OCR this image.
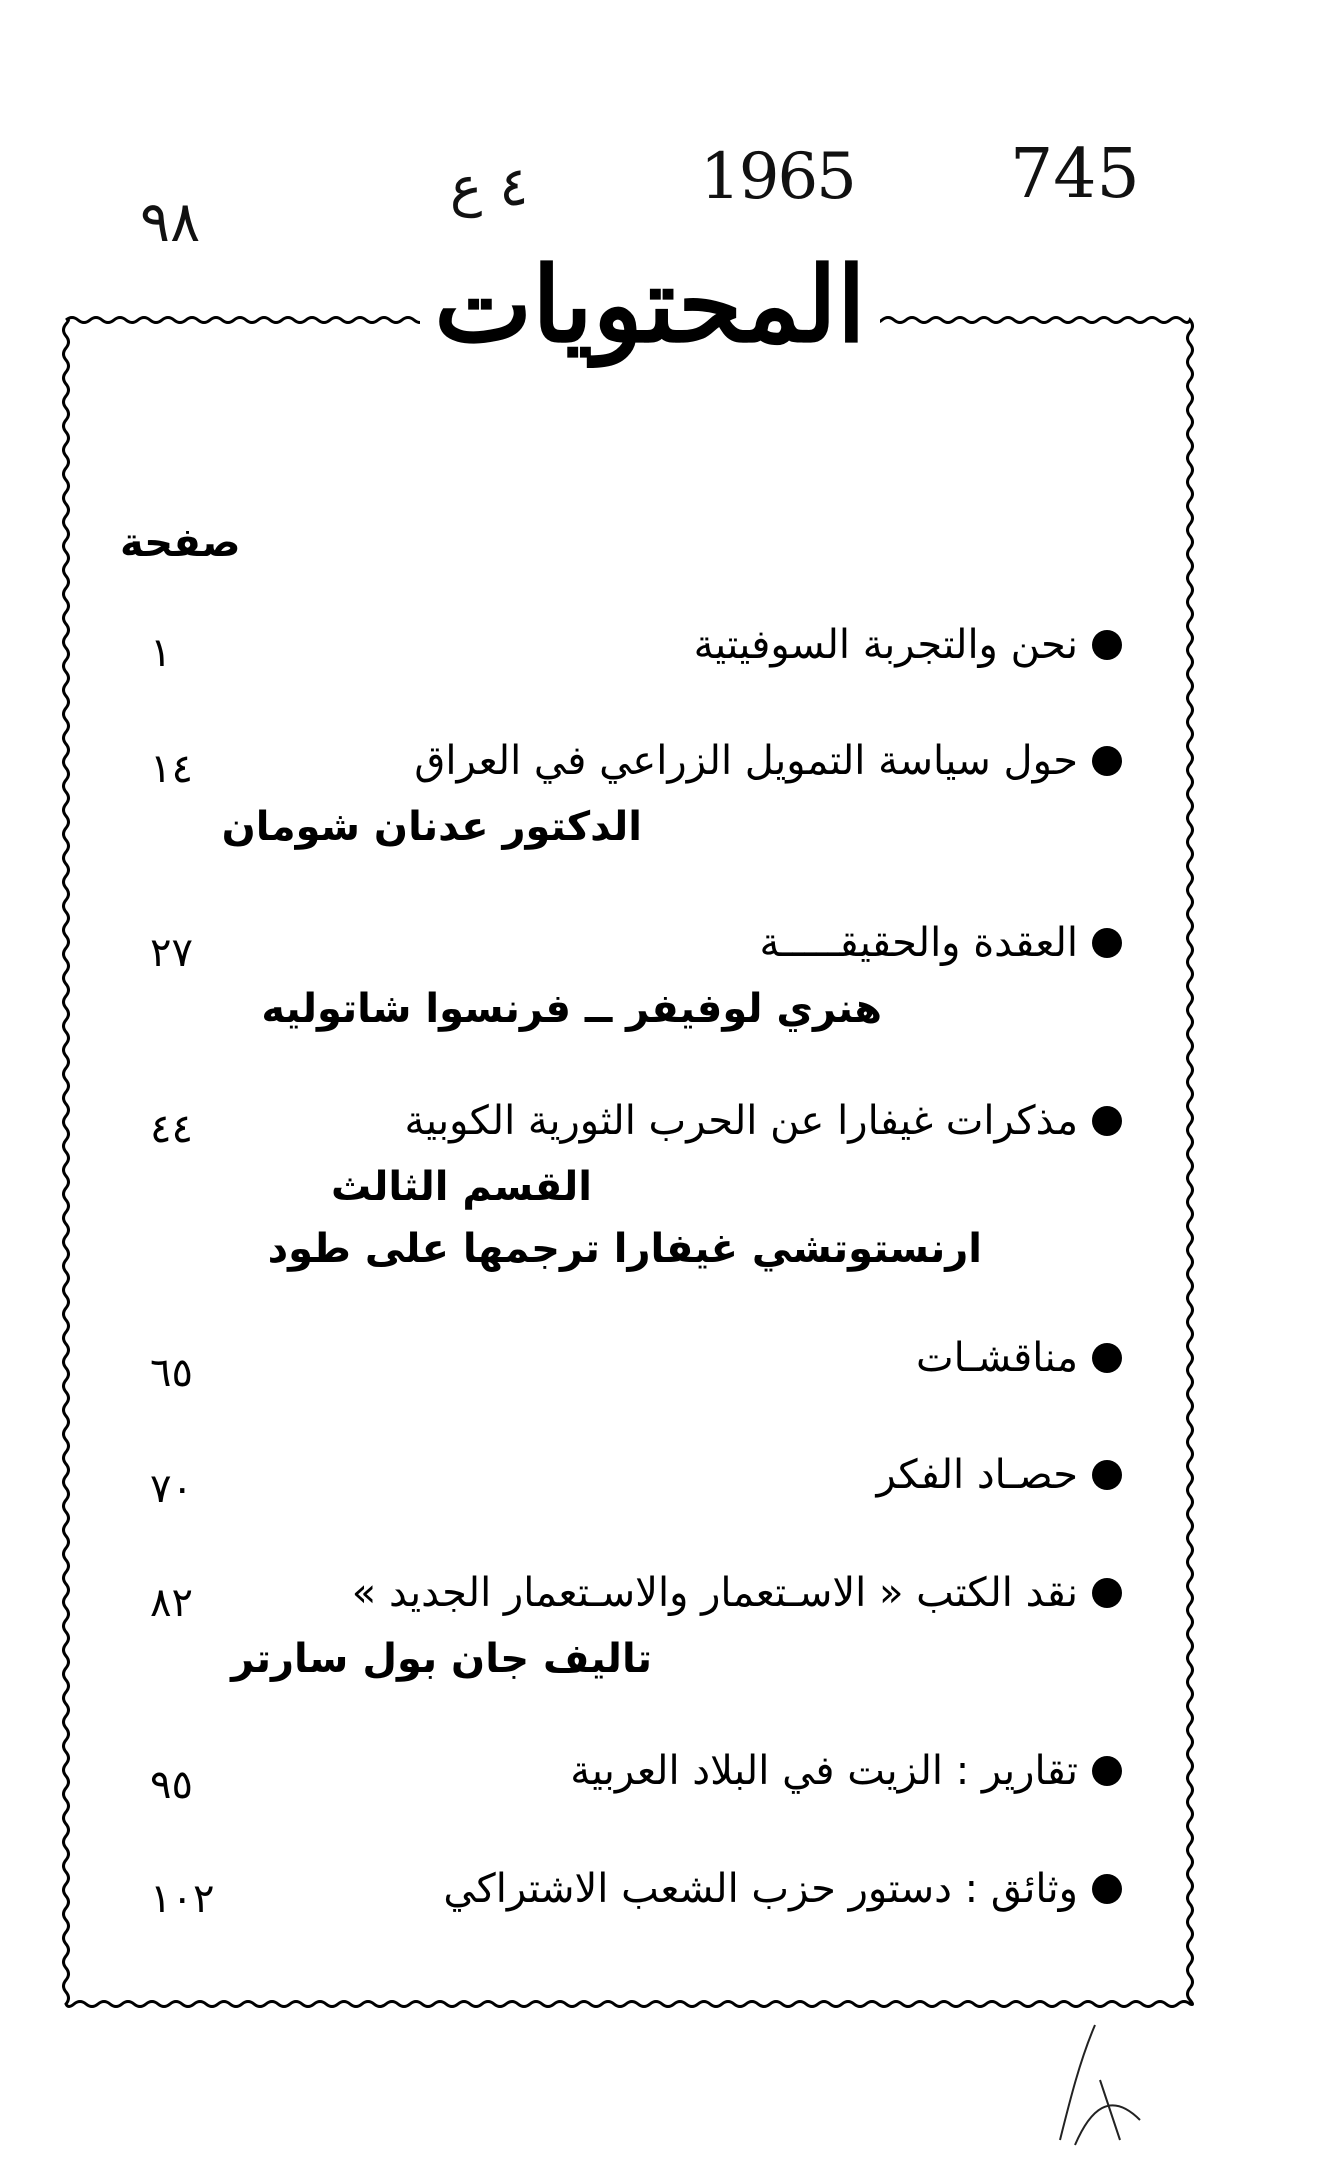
٩٨
٤ ع	1965 745
المحتويات
صفحة
نحن والتجربة السوفيتية
١
حول سياسة التمويل الزراعي في العراق
الدكتور عدنان شومان
١٤
العقدة والحقيقـــــة
هنري لوفيفر ــ فرنسوا شاتوليه
٢٧
مذكرات غيفارا عن الحرب الثورية الكوبية
القسم الثالث
ارنستوتشي غيفارا ترجمها على طود
٤٤
مناقشـات
٦٥
حصـاد الفكر
٧٠
نقد الكتب « الاسـتعمار والاسـتعمار الجديد »
تاليف جان بول سارتر
٨٢
تقارير : الزيت في البلاد العربية
٩٥
وثائق : دستور حزب الشعب الاشتراكي
١٠٢
